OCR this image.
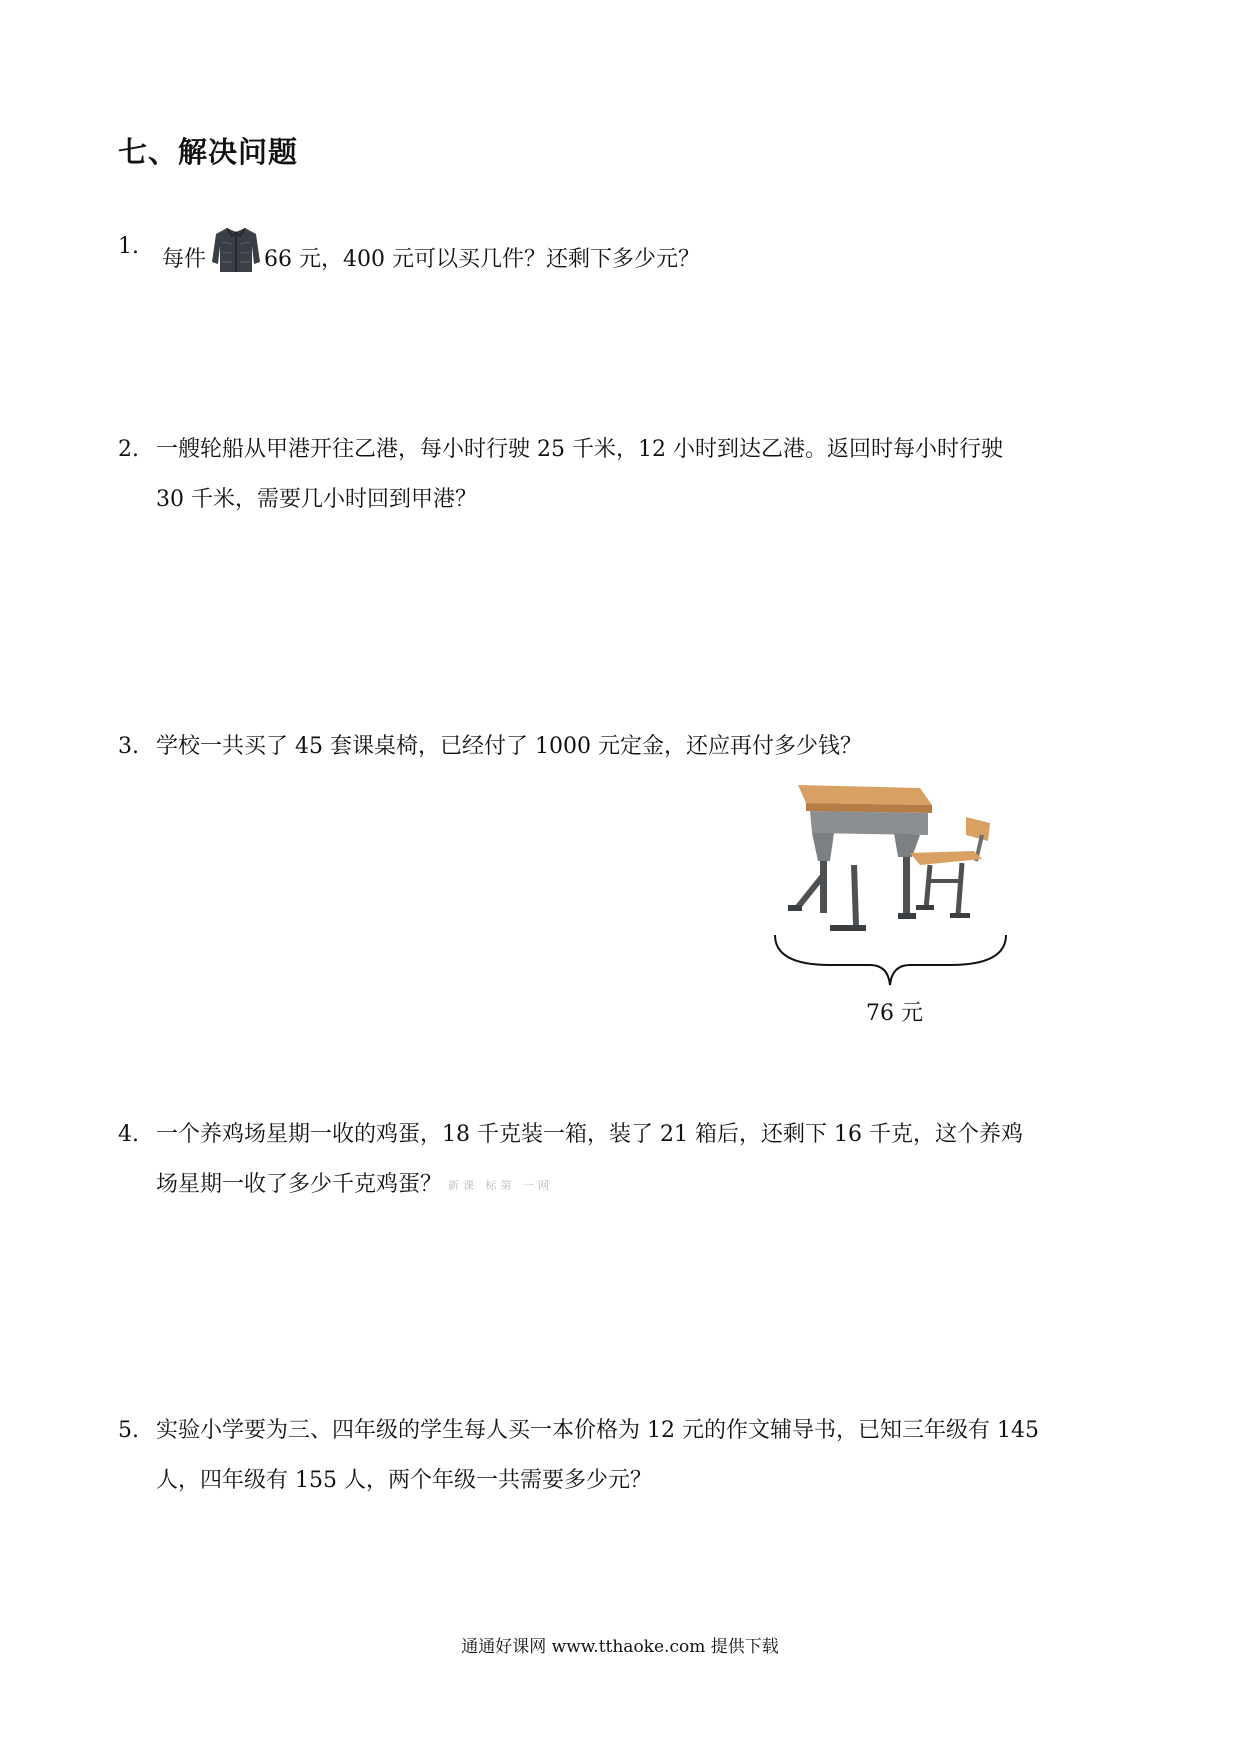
七、解决问题
1.
每件	66 元，400 元可以买几件？还剩下多少元？
2. 一艘轮船从甲港开往乙港，每小时行驶 25 千米，12 小时到达乙港。返回时每小时行驶
30 千米，需要几小时回到甲港？
3. 学校一共买了 45 套课桌椅，已经付了 1000 元定金，还应再付多少钱？
76 元
4. 一个养鸡场星期一收的鸡蛋，18 千克装一箱，装了 21 箱后，还剩下 16 千克，这个养鸡
场星期一收了多少千克鸡蛋？ 新课 标第 一网
5. 实验小学要为三、四年级的学生每人买一本价格为 12 元的作文辅导书，已知三年级有 145
人，四年级有 155 人，两个年级一共需要多少元？
通通好课网 www.tthaoke.com 提供下载
